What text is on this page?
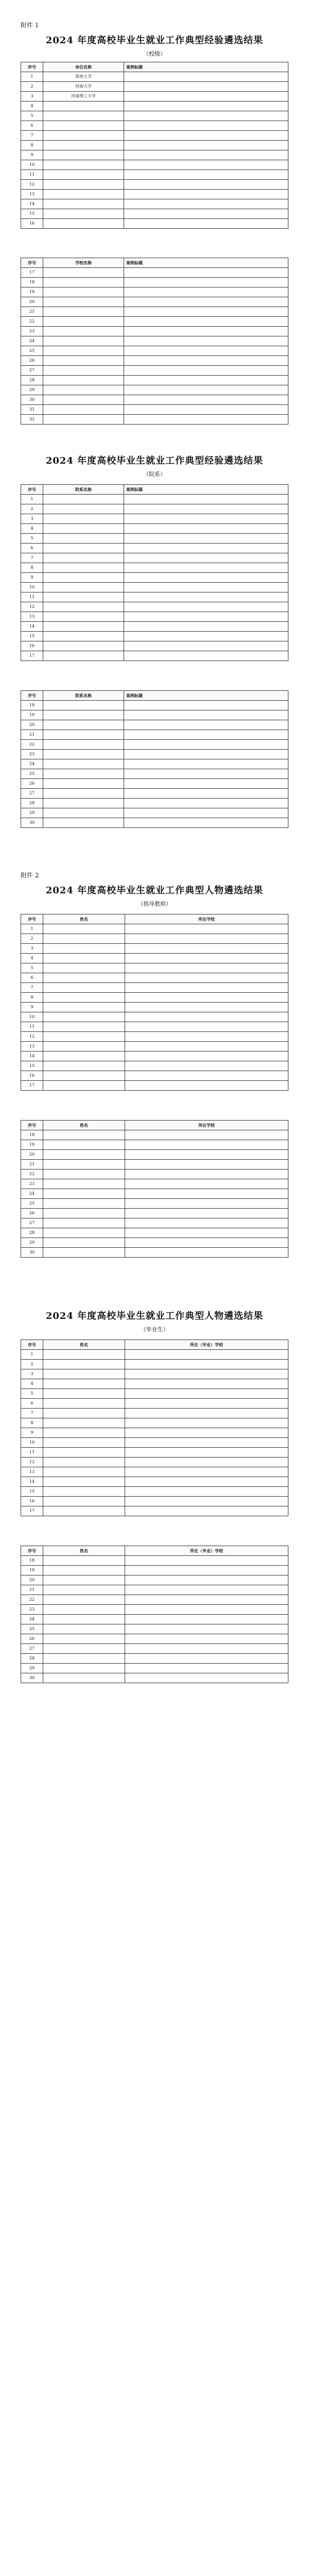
附件 1
2024 年度高校毕业生就业工作典型经验遴选结果
（校级）
序号	单位名称	案例标题
1	郑州大学	
2	河南大学	
3	河南理工大学	
4		
5		
6		
7		
8		
9		
10		
11		
12		
13		
14		
15		
16		
序号	学校名称	案例标题
17		
18		
19		
20		
21		
22		
23		
24		
25		
26		
27		
28		
29		
30		
31		
32		
2024 年度高校毕业生就业工作典型经验遴选结果
（院系）
序号	院系名称	案例标题
1		
2		
3		
4		
5		
6		
7		
8		
9		
10		
11		
12		
13		
14		
15		
16		
17		
序号	院系名称	案例标题
18		
19		
20		
21		
22		
23		
24		
25		
26		
27		
28		
29		
30		
附件 2
2024 年度高校毕业生就业工作典型人物遴选结果
（指导教师）
序号	姓名	所在学校
1		
2		
3		
4		
5		
6		
7		
8		
9		
10		
11		
12		
13		
14		
15		
16		
17		
序号	姓名	所在学校
18		
19		
20		
21		
22		
23		
24		
25		
26		
27		
28		
29		
30		
2024 年度高校毕业生就业工作典型人物遴选结果
（毕业生）
序号	姓名	所在（毕业）学校
1		
2		
3		
4		
5		
6		
7		
8		
9		
10		
11		
12		
13		
14		
15		
16		
17		
序号	姓名	所在（毕业）学校
18		
19		
20		
21		
22		
23		
24		
25		
26		
27		
28		
29		
30		
